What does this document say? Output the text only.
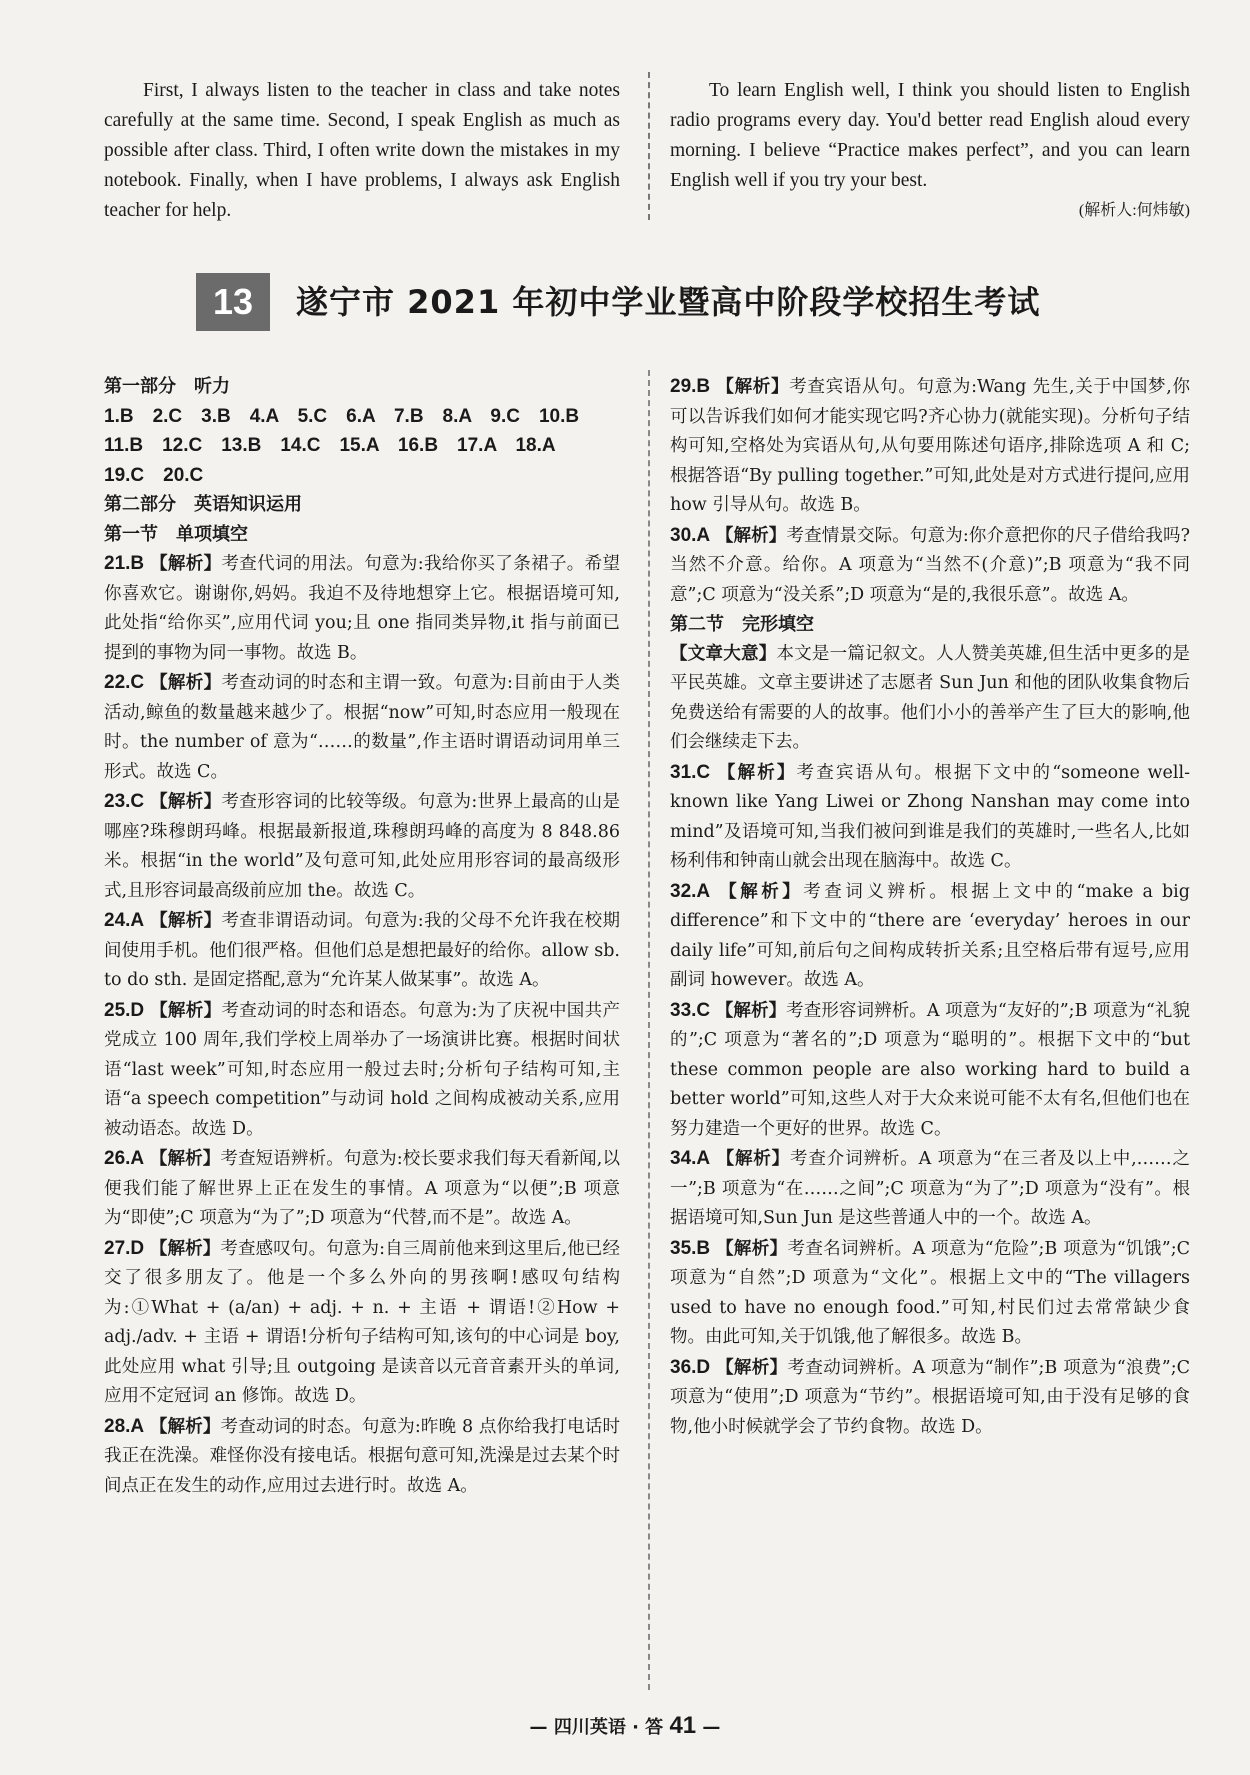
First, I always listen to the teacher in class and take notes carefully at the same time. Second, I speak English as much as possible after class. Third, I often write down the mistakes in my notebook. Finally, when I have problems, I always ask English teacher for help.

To learn English well, I think you should listen to English radio programs every day. You'd better read English aloud every morning. I believe “Practice makes perfect”, and you can learn English well if you try your best.

(解析人:何炜敏)

13	遂宁市 2021 年初中学业暨高中阶段学校招生考试

第一部分　听力

1.B　2.C　3.B　4.A　5.C　6.A　7.B　8.A　9.C　10.B

11.B　12.C　13.B　14.C　15.A　16.B　17.A　18.A

19.C　20.C

第二部分　英语知识运用

第一节　单项填空

21.B 【解析】考查代词的用法。句意为:我给你买了条裙子。希望你喜欢它。谢谢你,妈妈。我迫不及待地想穿上它。根据语境可知,此处指“给你买”,应用代词 you;且 one 指同类异物,it 指与前面已提到的事物为同一事物。故选 B。

22.C 【解析】考查动词的时态和主谓一致。句意为:目前由于人类活动,鲸鱼的数量越来越少了。根据“now”可知,时态应用一般现在时。the number of 意为“……的数量”,作主语时谓语动词用单三形式。故选 C。

23.C 【解析】考查形容词的比较等级。句意为:世界上最高的山是哪座?珠穆朗玛峰。根据最新报道,珠穆朗玛峰的高度为 8 848.86 米。根据“in the world”及句意可知,此处应用形容词的最高级形式,且形容词最高级前应加 the。故选 C。

24.A 【解析】考查非谓语动词。句意为:我的父母不允许我在校期间使用手机。他们很严格。但他们总是想把最好的给你。allow sb. to do sth. 是固定搭配,意为“允许某人做某事”。故选 A。

25.D 【解析】考查动词的时态和语态。句意为:为了庆祝中国共产党成立 100 周年,我们学校上周举办了一场演讲比赛。根据时间状语“last week”可知,时态应用一般过去时;分析句子结构可知,主语“a speech competition”与动词 hold 之间构成被动关系,应用被动语态。故选 D。

26.A 【解析】考查短语辨析。句意为:校长要求我们每天看新闻,以便我们能了解世界上正在发生的事情。A 项意为“以便”;B 项意为“即使”;C 项意为“为了”;D 项意为“代替,而不是”。故选 A。

27.D 【解析】考查感叹句。句意为:自三周前他来到这里后,他已经交了很多朋友了。他是一个多么外向的男孩啊!感叹句结构为:①What + (a/an) + adj. + n. + 主语 + 谓语!②How + adj./adv. + 主语 + 谓语!分析句子结构可知,该句的中心词是 boy,此处应用 what 引导;且 outgoing 是读音以元音音素开头的单词,应用不定冠词 an 修饰。故选 D。

28.A 【解析】考查动词的时态。句意为:昨晚 8 点你给我打电话时我正在洗澡。难怪你没有接电话。根据句意可知,洗澡是过去某个时间点正在发生的动作,应用过去进行时。故选 A。

29.B 【解析】考查宾语从句。句意为:Wang 先生,关于中国梦,你可以告诉我们如何才能实现它吗?齐心协力(就能实现)。分析句子结构可知,空格处为宾语从句,从句要用陈述句语序,排除选项 A 和 C;根据答语“By pulling together.”可知,此处是对方式进行提问,应用 how 引导从句。故选 B。

30.A 【解析】考查情景交际。句意为:你介意把你的尺子借给我吗?当然不介意。给你。A 项意为“当然不(介意)”;B 项意为“我不同意”;C 项意为“没关系”;D 项意为“是的,我很乐意”。故选 A。

第二节　完形填空

【文章大意】本文是一篇记叙文。人人赞美英雄,但生活中更多的是平民英雄。文章主要讲述了志愿者 Sun Jun 和他的团队收集食物后免费送给有需要的人的故事。他们小小的善举产生了巨大的影响,他们会继续走下去。

31.C 【解析】考查宾语从句。根据下文中的“someone well-known like Yang Liwei or Zhong Nanshan may come into mind”及语境可知,当我们被问到谁是我们的英雄时,一些名人,比如杨利伟和钟南山就会出现在脑海中。故选 C。

32.A 【解析】考查词义辨析。根据上文中的“make a big difference”和下文中的“there are ‘everyday’ heroes in our daily life”可知,前后句之间构成转折关系;且空格后带有逗号,应用副词 however。故选 A。

33.C 【解析】考查形容词辨析。A 项意为“友好的”;B 项意为“礼貌的”;C 项意为“著名的”;D 项意为“聪明的”。根据下文中的“but these common people are also working hard to build a better world”可知,这些人对于大众来说可能不太有名,但他们也在努力建造一个更好的世界。故选 C。

34.A 【解析】考查介词辨析。A 项意为“在三者及以上中,……之一”;B 项意为“在……之间”;C 项意为“为了”;D 项意为“没有”。根据语境可知,Sun Jun 是这些普通人中的一个。故选 A。

35.B 【解析】考查名词辨析。A 项意为“危险”;B 项意为“饥饿”;C 项意为“自然”;D 项意为“文化”。根据上文中的“The villagers used to have no enough food.”可知,村民们过去常常缺少食物。由此可知,关于饥饿,他了解很多。故选 B。

36.D 【解析】考查动词辨析。A 项意为“制作”;B 项意为“浪费”;C 项意为“使用”;D 项意为“节约”。根据语境可知,由于没有足够的食物,他小时候就学会了节约食物。故选 D。

— 四川英语 · 答 41 —
